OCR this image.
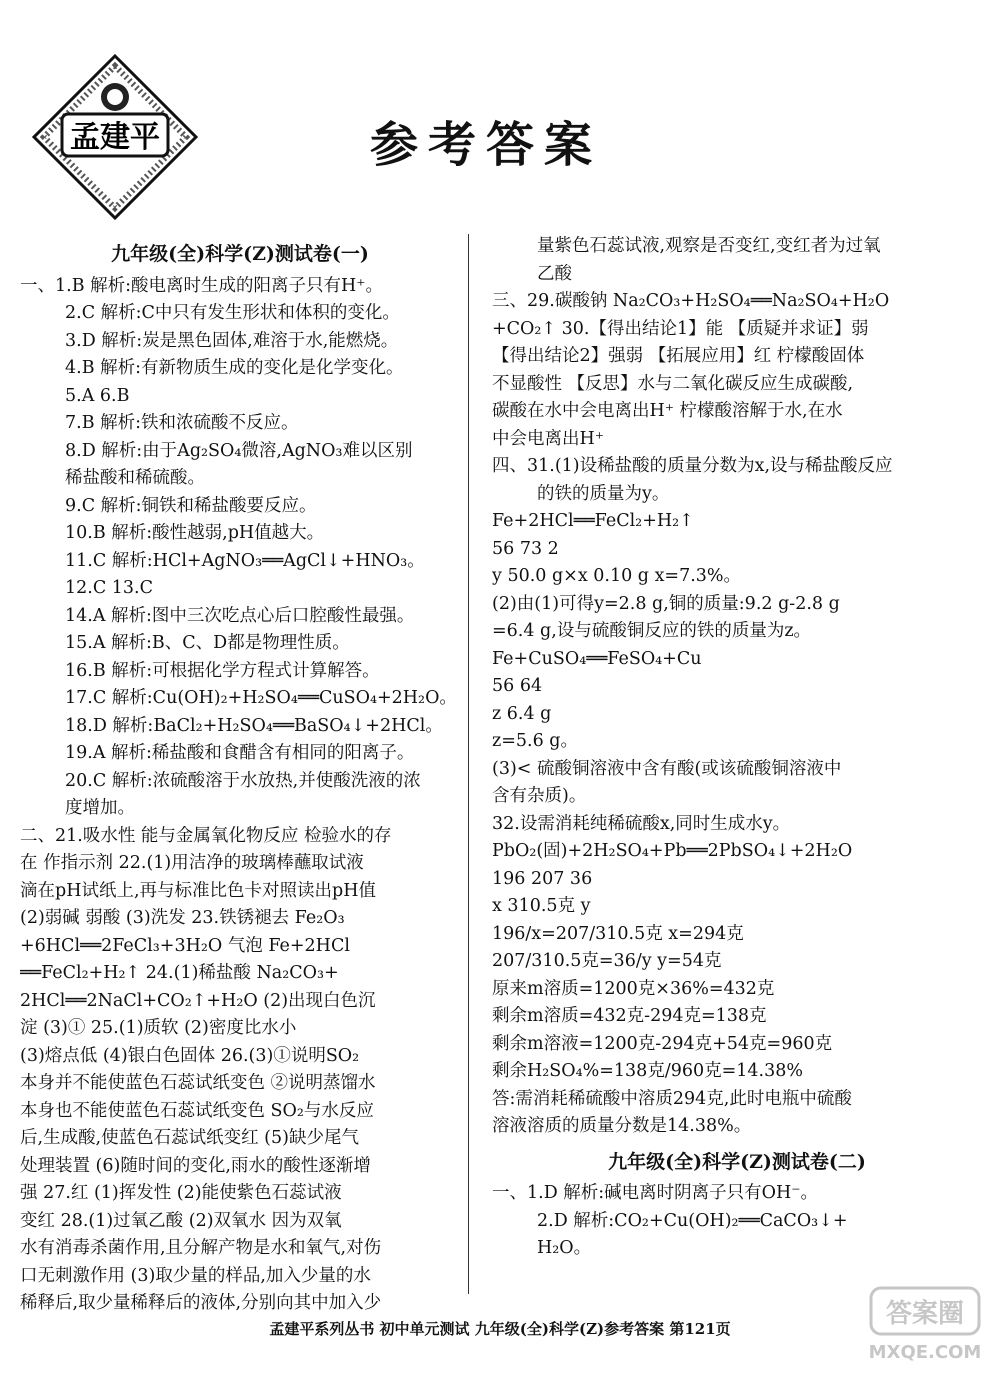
孟建平	参考答案
九年级(全)科学(Z)测试卷(一)
一、1.B 解析:酸电离时生成的阳离子只有H⁺。
2.C 解析:C中只有发生形状和体积的变化。
3.D 解析:炭是黑色固体,难溶于水,能燃烧。
4.B 解析:有新物质生成的变化是化学变化。
5.A 6.B
7.B 解析:铁和浓硫酸不反应。
8.D 解析:由于Ag₂SO₄微溶,AgNO₃难以区别
稀盐酸和稀硫酸。
9.C 解析:铜铁和稀盐酸要反应。
10.B 解析:酸性越弱,pH值越大。
11.C 解析:HCl+AgNO₃══AgCl↓+HNO₃。
12.C 13.C
14.A 解析:图中三次吃点心后口腔酸性最强。
15.A 解析:B、C、D都是物理性质。
16.B 解析:可根据化学方程式计算解答。
17.C 解析:Cu(OH)₂+H₂SO₄══CuSO₄+2H₂O。
18.D 解析:BaCl₂+H₂SO₄══BaSO₄↓+2HCl。
19.A 解析:稀盐酸和食醋含有相同的阳离子。
20.C 解析:浓硫酸溶于水放热,并使酸洗液的浓
度增加。
二、21.吸水性 能与金属氧化物反应 检验水的存
在 作指示剂 22.(1)用洁净的玻璃棒蘸取试液
滴在pH试纸上,再与标准比色卡对照读出pH值
(2)弱碱 弱酸 (3)洗发 23.铁锈褪去 Fe₂O₃
+6HCl══2FeCl₃+3H₂O 气泡 Fe+2HCl
══FeCl₂+H₂↑ 24.(1)稀盐酸 Na₂CO₃+
2HCl══2NaCl+CO₂↑+H₂O (2)出现白色沉
淀 (3)① 25.(1)质软 (2)密度比水小
(3)熔点低 (4)银白色固体 26.(3)①说明SO₂
本身并不能使蓝色石蕊试纸变色 ②说明蒸馏水
本身也不能使蓝色石蕊试纸变色 SO₂与水反应
后,生成酸,使蓝色石蕊试纸变红 (5)缺少尾气
处理装置 (6)随时间的变化,雨水的酸性逐渐增
强 27.红 (1)挥发性 (2)能使紫色石蕊试液
变红 28.(1)过氧乙酸 (2)双氧水 因为双氧
水有消毒杀菌作用,且分解产物是水和氧气,对伤
口无刺激作用 (3)取少量的样品,加入少量的水
稀释后,取少量稀释后的液体,分别向其中加入少
量紫色石蕊试液,观察是否变红,变红者为过氧
乙酸
三、29.碳酸钠 Na₂CO₃+H₂SO₄══Na₂SO₄+H₂O
+CO₂↑ 30.【得出结论1】能 【质疑并求证】弱
【得出结论2】强弱 【拓展应用】红 柠檬酸固体
不显酸性 【反思】水与二氧化碳反应生成碳酸,
碳酸在水中会电离出H⁺ 柠檬酸溶解于水,在水
中会电离出H⁺
四、31.(1)设稀盐酸的质量分数为x,设与稀盐酸反应
的铁的质量为y。
Fe+2HCl══FeCl₂+H₂↑
56 73 2
y 50.0 g×x 0.10 g x=7.3%。
(2)由(1)可得y=2.8 g,铜的质量:9.2 g-2.8 g
=6.4 g,设与硫酸铜反应的铁的质量为z。
Fe+CuSO₄══FeSO₄+Cu
56 64
z 6.4 g
z=5.6 g。
(3)< 硫酸铜溶液中含有酸(或该硫酸铜溶液中
含有杂质)。
32.设需消耗纯稀硫酸x,同时生成水y。
PbO₂(固)+2H₂SO₄+Pb══2PbSO₄↓+2H₂O
196 207 36
x 310.5克 y
196/x=207/310.5克 x=294克
207/310.5克=36/y y=54克
原来m溶质=1200克×36%=432克
剩余m溶质=432克-294克=138克
剩余m溶液=1200克-294克+54克=960克
剩余H₂SO₄%=138克/960克=14.38%
答:需消耗稀硫酸中溶质294克,此时电瓶中硫酸
溶液溶质的质量分数是14.38%。
九年级(全)科学(Z)测试卷(二)
一、1.D 解析:碱电离时阴离子只有OH⁻。
2.D 解析:CO₂+Cu(OH)₂══CaCO₃↓+
H₂O。
孟建平系列丛书 初中单元测试 九年级(全)科学(Z)参考答案 第121页	答案圈
MXQE.COM
